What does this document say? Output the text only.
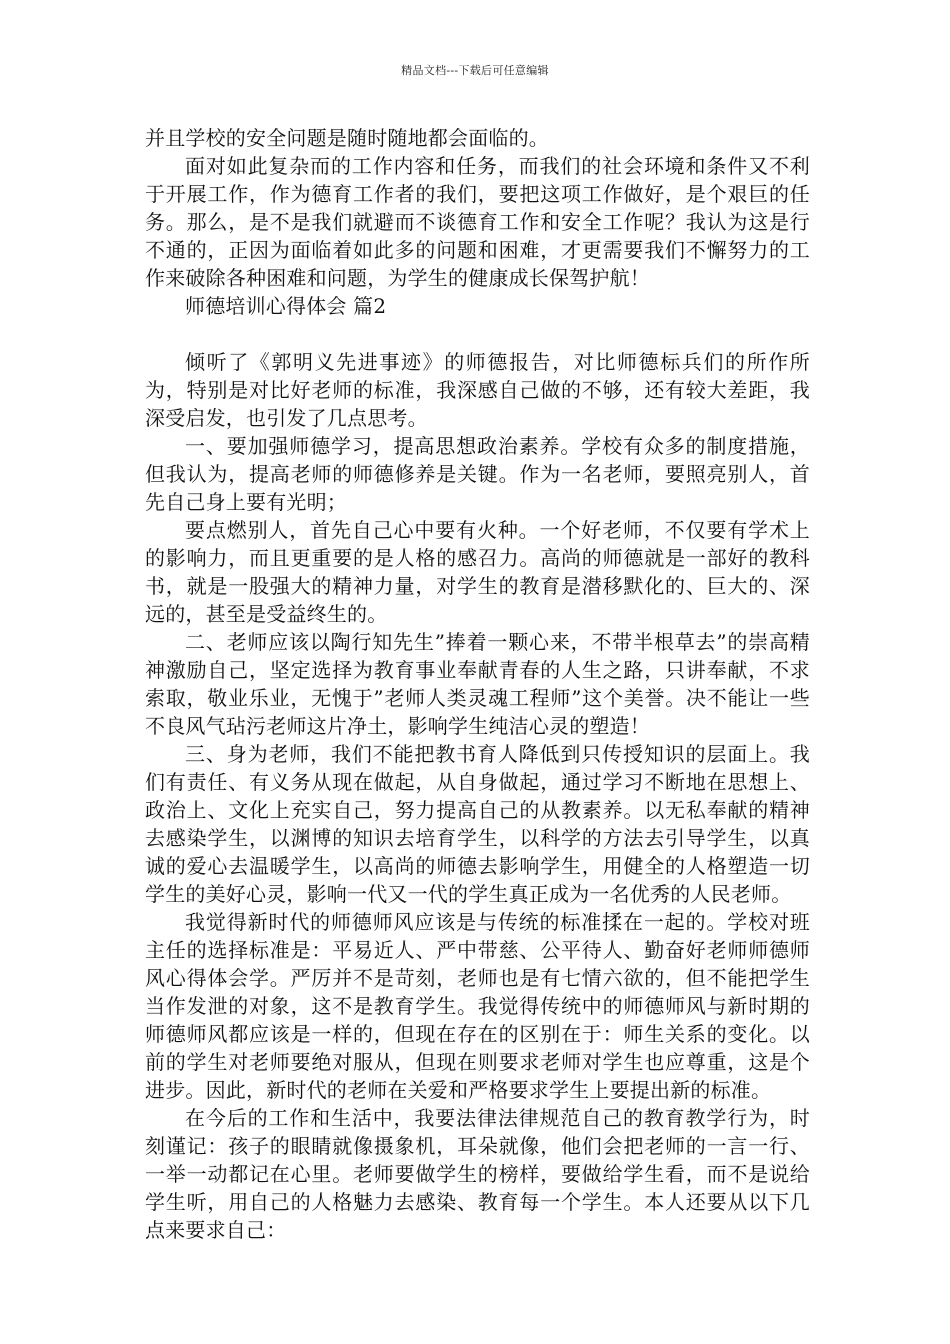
精品文档---下载后可任意编辑

并且学校的安全问题是随时随地都会面临的。

面对如此复杂而的工作内容和任务，而我们的社会环境和条件又不利于开展工作，作为德育工作者的我们，要把这项工作做好，是个艰巨的任务。那么，是不是我们就避而不谈德育工作和安全工作呢？我认为这是行不通的，正因为面临着如此多的问题和困难，才更需要我们不懈努力的工作来破除各种困难和问题，为学生的健康成长保驾护航！

师德培训心得体会 篇2

倾听了《郭明义先进事迹》的师德报告，对比师德标兵们的所作所为，特别是对比好老师的标准，我深感自己做的不够，还有较大差距，我深受启发，也引发了几点思考。

一、要加强师德学习，提高思想政治素养。学校有众多的制度措施，但我认为，提高老师的师德修养是关键。作为一名老师，要照亮别人，首先自己身上要有光明；

要点燃别人，首先自己心中要有火种。一个好老师，不仅要有学术上的影响力，而且更重要的是人格的感召力。高尚的师德就是一部好的教科书，就是一股强大的精神力量，对学生的教育是潜移默化的、巨大的、深远的，甚至是受益终生的。

二、老师应该以陶行知先生”捧着一颗心来，不带半根草去”的崇高精神激励自己，坚定选择为教育事业奉献青春的人生之路，只讲奉献，不求索取，敬业乐业，无愧于”老师人类灵魂工程师”这个美誉。决不能让一些不良风气玷污老师这片净土，影响学生纯洁心灵的塑造！

三、身为老师，我们不能把教书育人降低到只传授知识的层面上。我们有责任、有义务从现在做起，从自身做起，通过学习不断地在思想上、政治上、文化上充实自己，努力提高自己的从教素养。以无私奉献的精神去感染学生，以渊博的知识去培育学生，以科学的方法去引导学生，以真诚的爱心去温暖学生，以高尚的师德去影响学生，用健全的人格塑造一切学生的美好心灵，影响一代又一代的学生真正成为一名优秀的人民老师。

我觉得新时代的师德师风应该是与传统的标准揉在一起的。学校对班主任的选择标准是：平易近人、严中带慈、公平待人、勤奋好老师师德师风心得体会学。严厉并不是苛刻，老师也是有七情六欲的，但不能把学生当作发泄的对象，这不是教育学生。我觉得传统中的师德师风与新时期的师德师风都应该是一样的，但现在存在的区别在于：师生关系的变化。以前的学生对老师要绝对服从，但现在则要求老师对学生也应尊重，这是个进步。因此，新时代的老师在关爱和严格要求学生上要提出新的标准。

在今后的工作和生活中，我要法律法律规范自己的教育教学行为，时刻谨记：孩子的眼睛就像摄象机，耳朵就像，他们会把老师的一言一行、一举一动都记在心里。老师要做学生的榜样，要做给学生看，而不是说给学生听，用自己的人格魅力去感染、教育每一个学生。本人还要从以下几点来要求自己：
